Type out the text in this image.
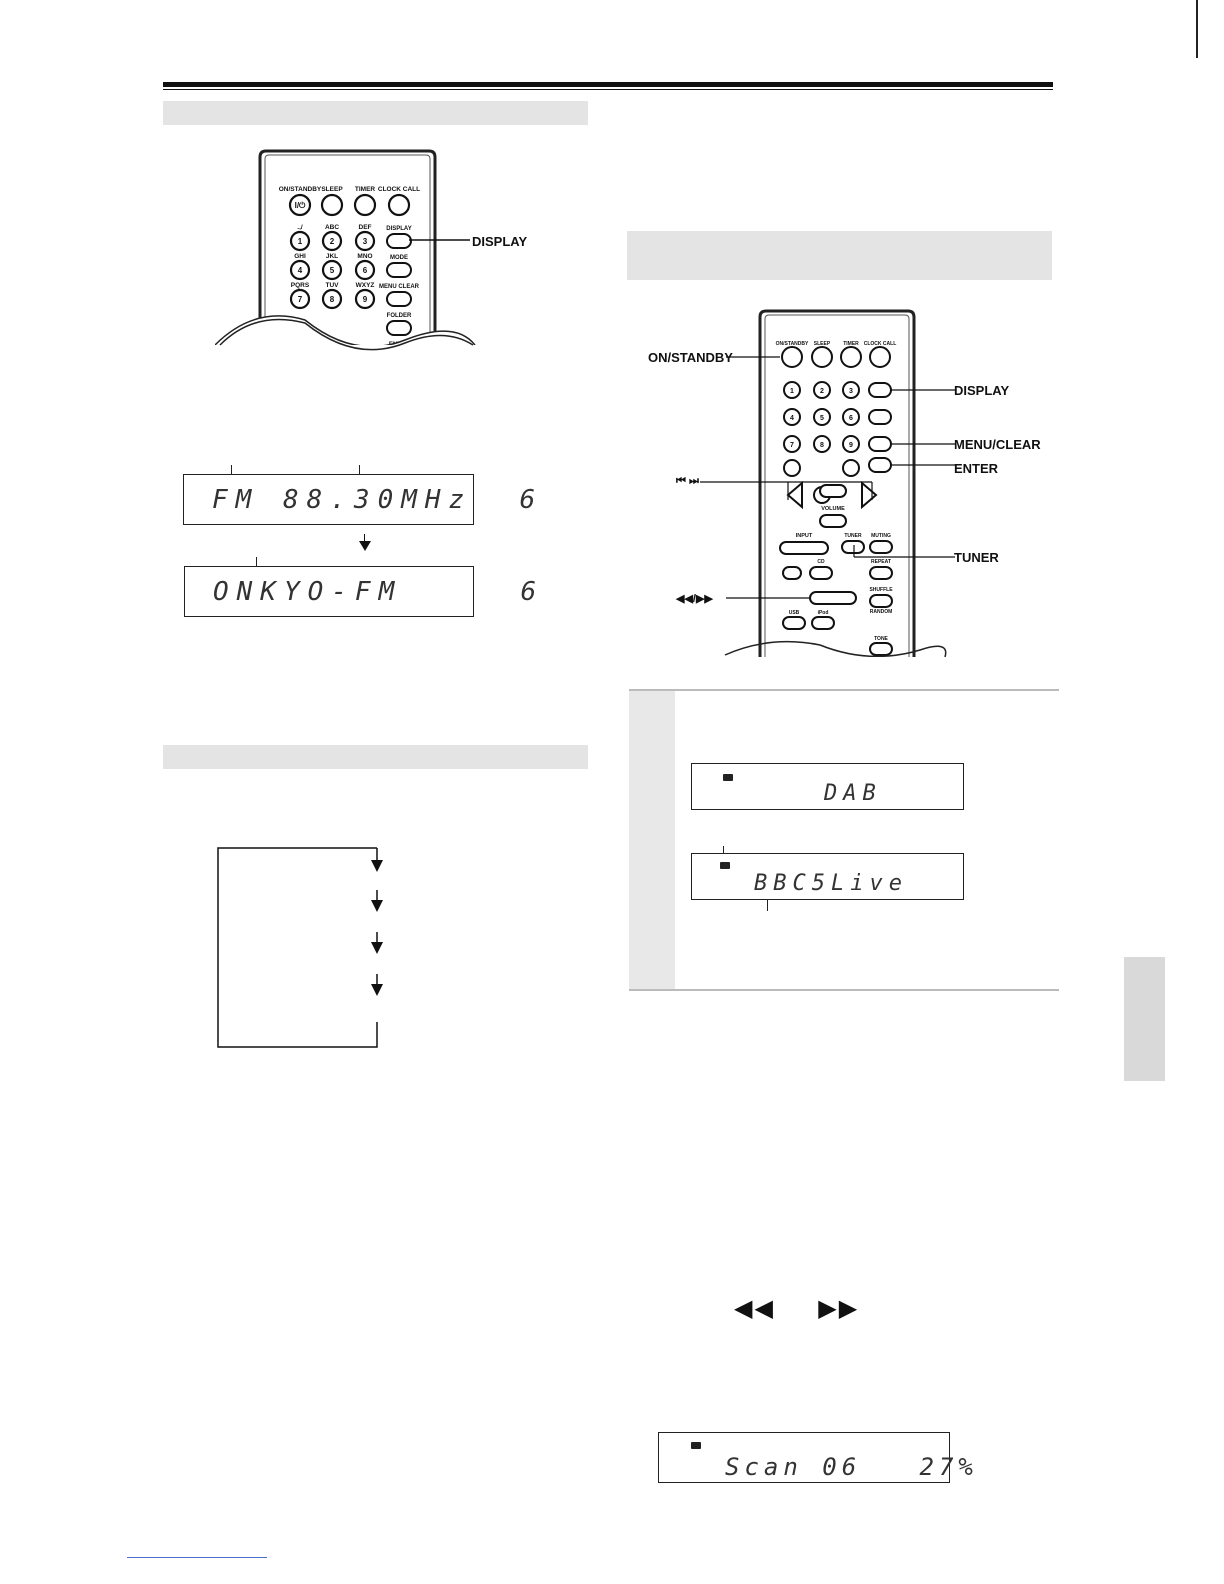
ON/STANDBY SLEEP TIMER CLOCK CALL
I/⏻
.,/
1
ABC
2
DEF
3
GHI
4
JKL
5
MNO
6
PQRS
7
TUV
8
WXYZ
9
DISPLAY
MODE
MENU CLEAR
FOLDER
DISPLAY
FM 88.30MHz  6
ONKYO-FM     6
ON/STANDBY SLEEP	TIMER CLOCK CALL
1	2	3
4	5	6
7	8	9
VOLUME
INPUT	TUNER MUTING
CD	REPEAT
SHUFFLE
RANDOM
USB	iPod
TONE
ON/STANDBY
DISPLAY
MENU/CLEAR
ENTER
TUNER
⏮ ⏭
◀◀/▶▶
DAB
BBC5Live
◀◀     ▶▶
Scan 06   27%
